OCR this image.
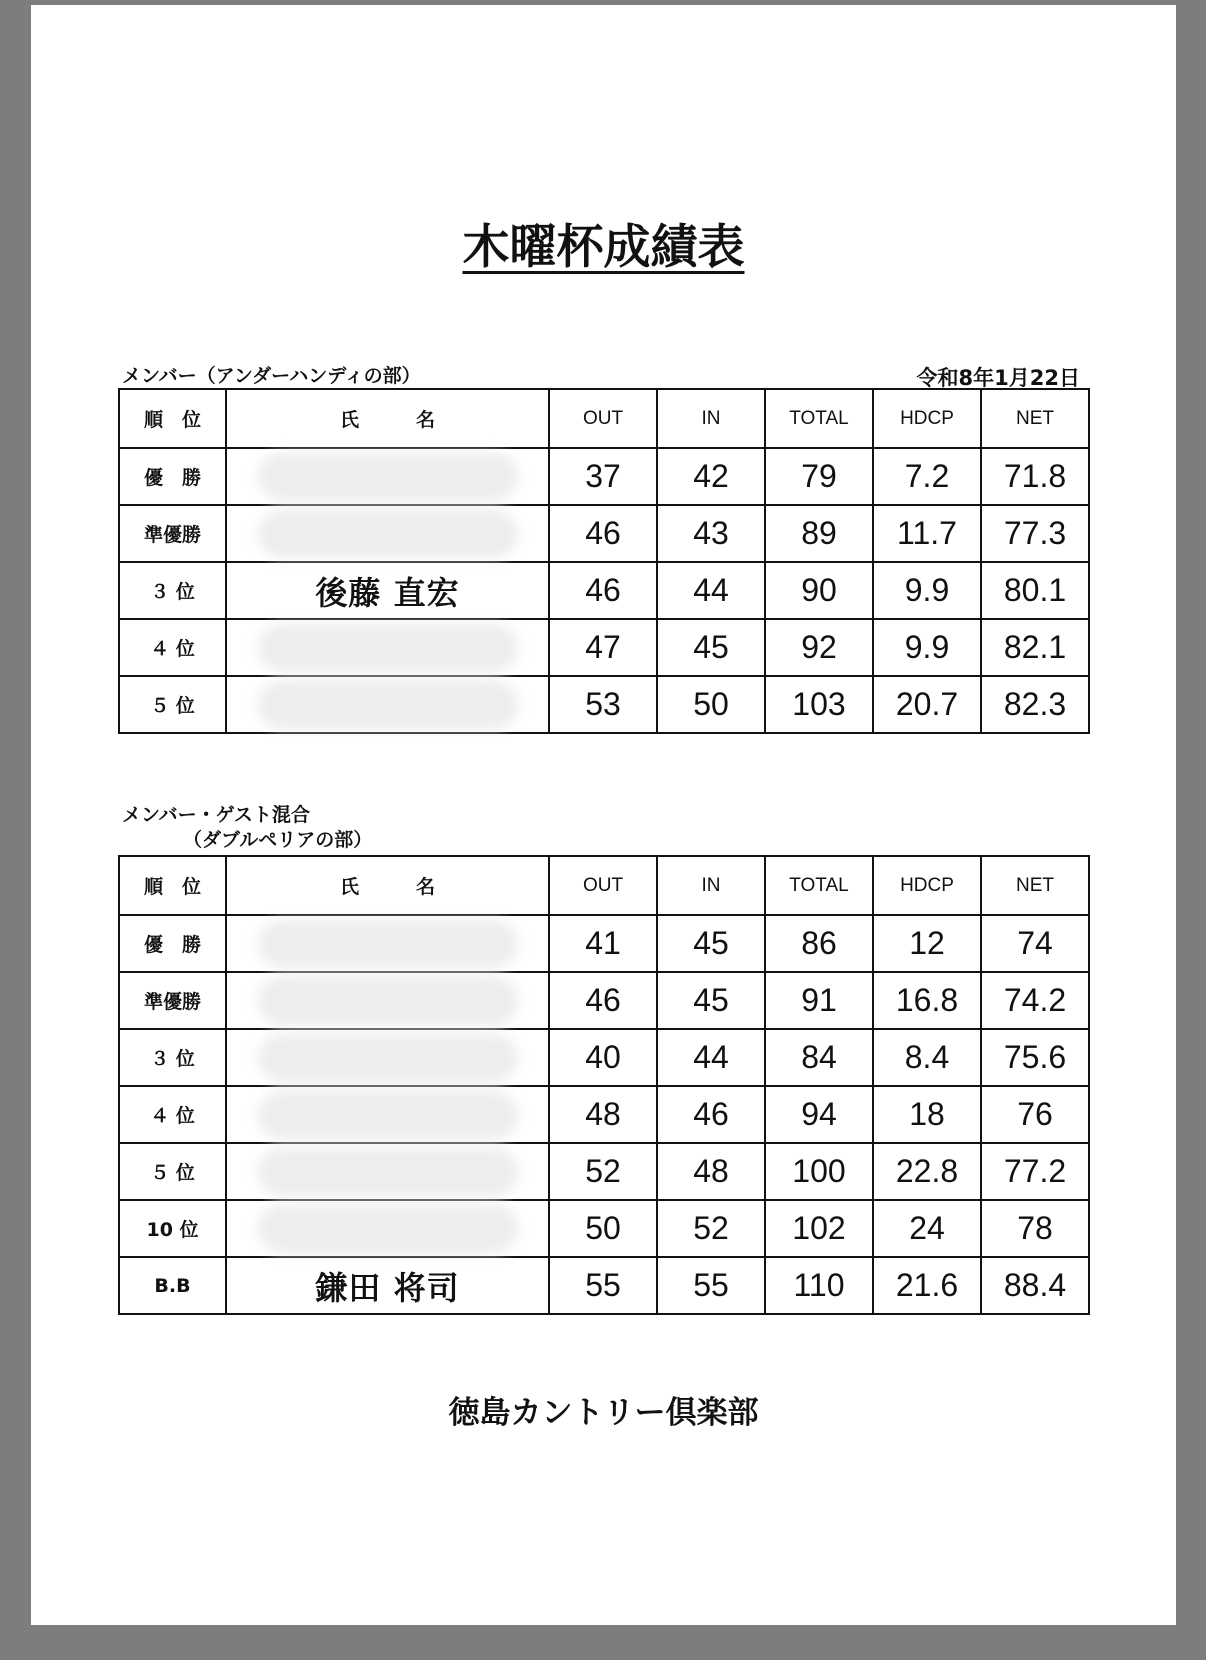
木曜杯成績表
メンバー（アンダーハンディの部）	令和8年1月22日
順　位	氏　　　名	OUT	IN	TOTAL	HDCP	NET
優　勝		37	42	79	7.2	71.8
準優勝		46	43	89	11.7	77.3
３ 位	後藤 直宏	46	44	90	9.9	80.1
４ 位		47	45	92	9.9	82.1
５ 位		53	50	103	20.7	82.3
メンバー・ゲスト混合
（ダブルペリアの部）
順　位	氏　　　名	OUT	IN	TOTAL	HDCP	NET
優　勝		41	45	86	12	74
準優勝		46	45	91	16.8	74.2
３ 位		40	44	84	8.4	75.6
４ 位		48	46	94	18	76
５ 位		52	48	100	22.8	77.2
10 位		50	52	102	24	78
B.B	鎌田 将司	55	55	110	21.6	88.4
徳島カントリー倶楽部
